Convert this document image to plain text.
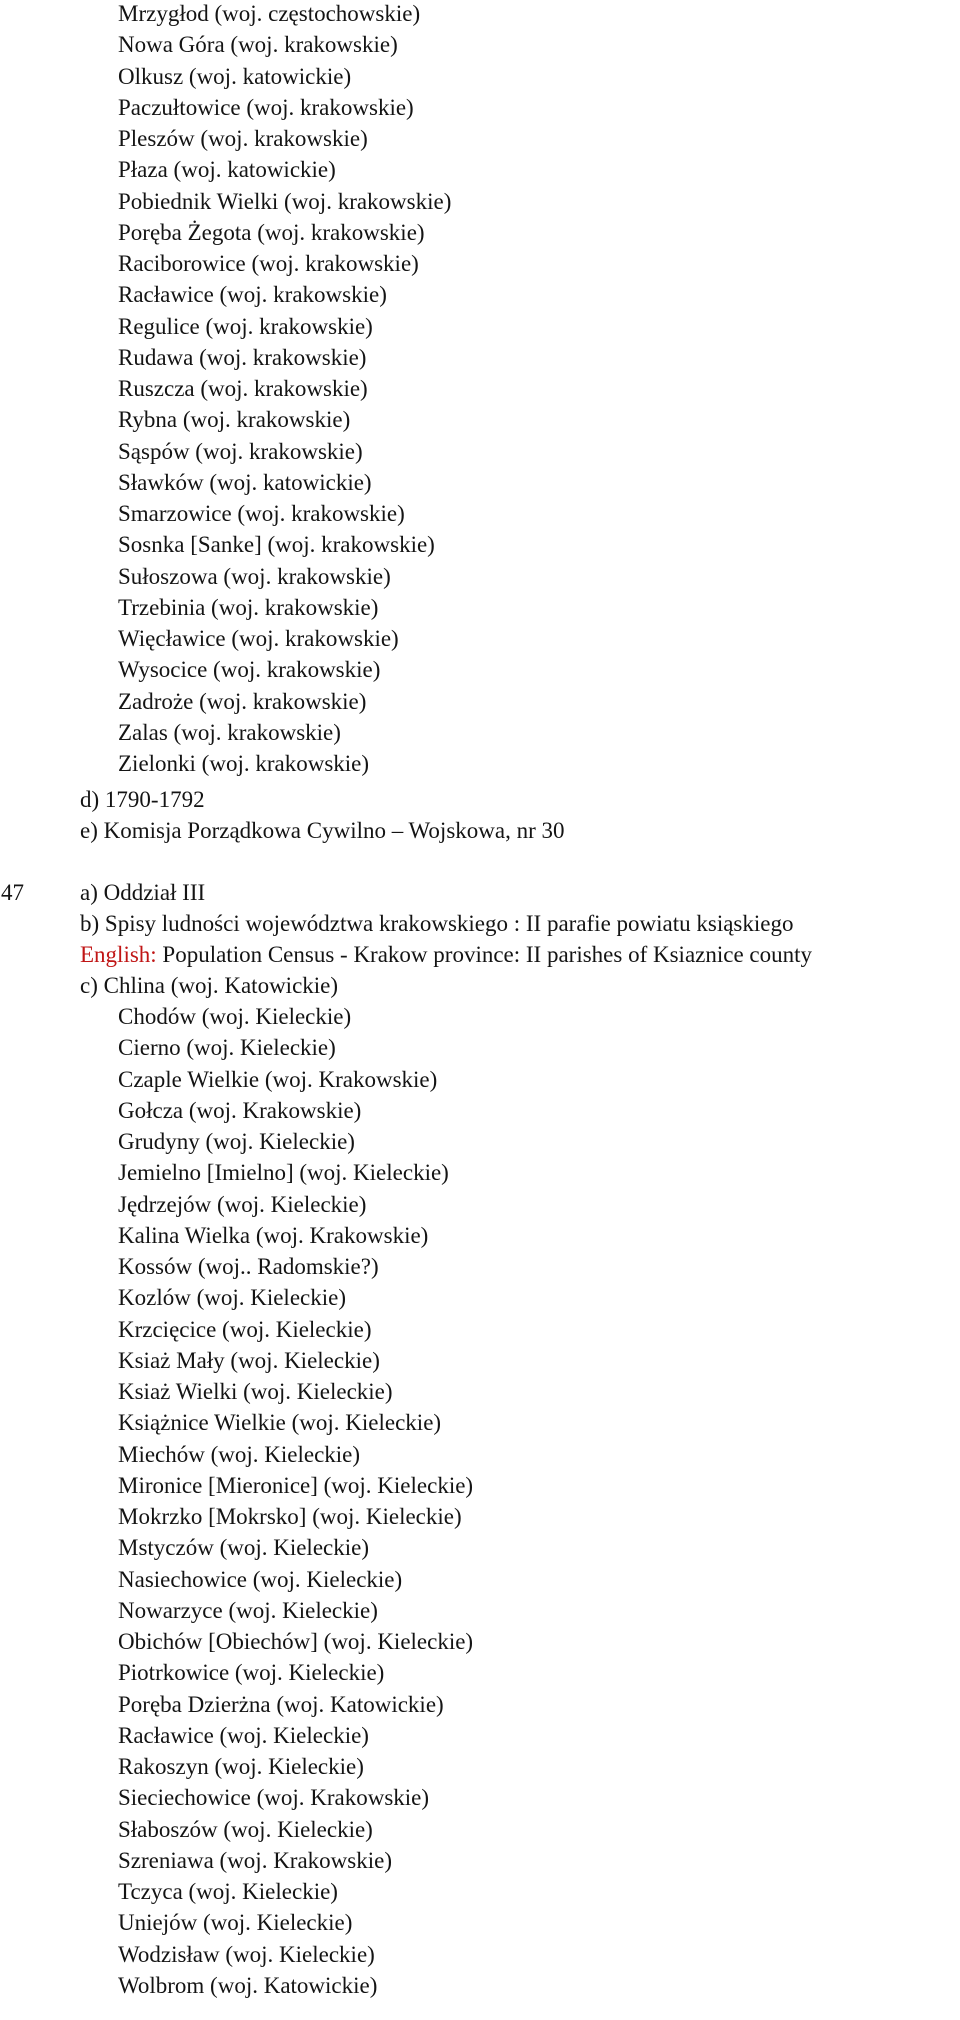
Mrzygłod (woj. częstochowskie)
Nowa Góra (woj. krakowskie)
Olkusz (woj. katowickie)
Paczułtowice (woj. krakowskie)
Pleszów (woj. krakowskie)
Płaza (woj. katowickie)
Pobiednik Wielki (woj. krakowskie)
Poręba Żegota (woj. krakowskie)
Raciborowice (woj. krakowskie)
Racławice (woj. krakowskie)
Regulice (woj. krakowskie)
Rudawa (woj. krakowskie)
Ruszcza (woj. krakowskie)
Rybna (woj. krakowskie)
Sąspów (woj. krakowskie)
Sławków (woj. katowickie)
Smarzowice (woj. krakowskie)
Sosnka [Sanke] (woj. krakowskie)
Sułoszowa (woj. krakowskie)
Trzebinia (woj. krakowskie)
Więcławice (woj. krakowskie)
Wysocice (woj. krakowskie)
Zadroże (woj. krakowskie)
Zalas (woj. krakowskie)
Zielonki (woj. krakowskie)
d) 1790-1792
e) Komisja Porządkowa Cywilno – Wojskowa, nr 30
47 a) Oddział III
b) Spisy ludności województwa krakowskiego : II parafie powiatu ksiąskiego
English: Population Census - Krakow province: II parishes of Ksiaznice county
c) Chlina (woj. Katowickie)
Chodów (woj. Kieleckie)
Cierno (woj. Kieleckie)
Czaple Wielkie (woj. Krakowskie)
Gołcza (woj. Krakowskie)
Grudyny (woj. Kieleckie)
Jemielno [Imielno] (woj. Kieleckie)
Jędrzejów (woj. Kieleckie)
Kalina Wielka (woj. Krakowskie)
Kossów (woj.. Radomskie?)
Kozlów (woj. Kieleckie)
Krzcięcice (woj. Kieleckie)
Ksiaż Mały (woj. Kieleckie)
Ksiaż Wielki (woj. Kieleckie)
Książnice Wielkie (woj. Kieleckie)
Miechów (woj. Kieleckie)
Mironice [Mieronice] (woj. Kieleckie)
Mokrzko [Mokrsko] (woj. Kieleckie)
Mstyczów (woj. Kieleckie)
Nasiechowice (woj. Kieleckie)
Nowarzyce (woj. Kieleckie)
Obichów [Obiechów] (woj. Kieleckie)
Piotrkowice (woj. Kieleckie)
Poręba Dzierżna (woj. Katowickie)
Racławice (woj. Kieleckie)
Rakoszyn (woj. Kieleckie)
Sieciechowice (woj. Krakowskie)
Słaboszów (woj. Kieleckie)
Szreniawa (woj. Krakowskie)
Tczyca (woj. Kieleckie)
Uniejów (woj. Kieleckie)
Wodzisław (woj. Kieleckie)
Wolbrom (woj. Katowickie)
